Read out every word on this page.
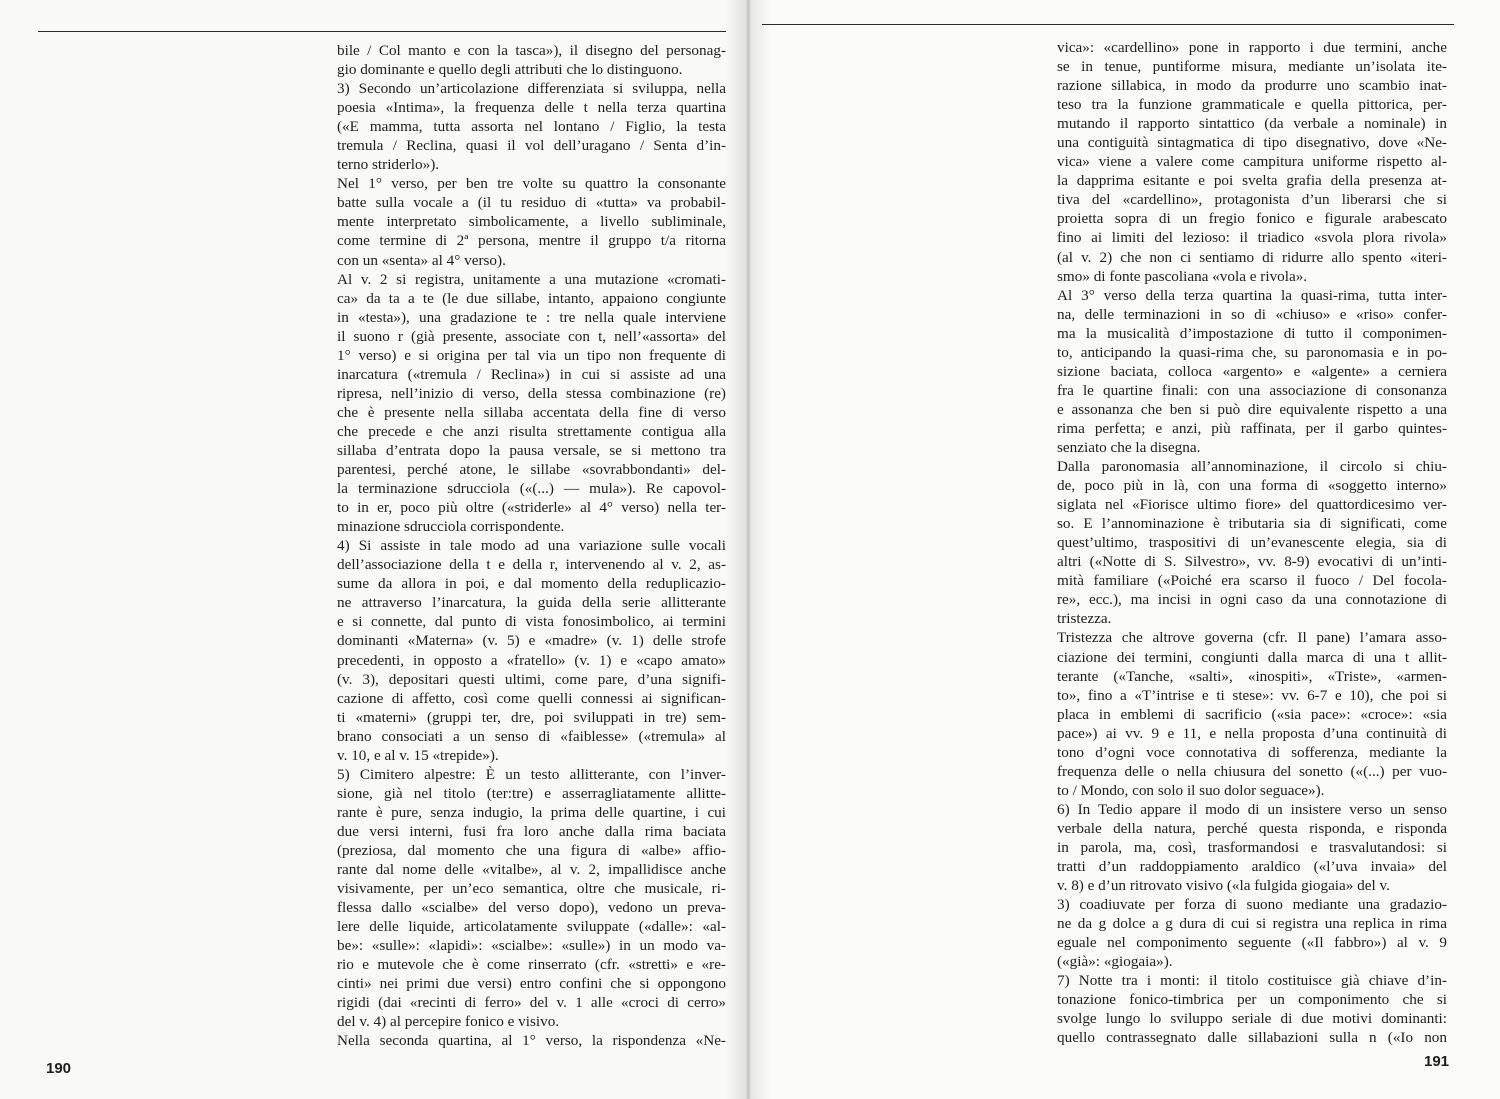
bile / Col manto e con la tasca»), il disegno del personag-
gio dominante e quello degli attributi che lo distinguono.
3) Secondo un’articolazione differenziata si sviluppa, nella
poesia «Intima», la frequenza delle t nella terza quartina
(«E mamma, tutta assorta nel lontano / Figlio, la testa
tremula / Reclina, quasi il vol dell’uragano / Senta d’in-
terno striderlo»).
Nel 1° verso, per ben tre volte su quattro la consonante
batte sulla vocale a (il tu residuo di «tutta» va probabil-
mente interpretato simbolicamente, a livello subliminale,
come termine di 2ª persona, mentre il gruppo t/a ritorna
con un «senta» al 4° verso).
Al v. 2 si registra, unitamente a una mutazione «cromati-
ca» da ta a te (le due sillabe, intanto, appaiono congiunte
in «testa»), una gradazione te : tre nella quale interviene
il suono r (già presente, associate con t, nell’«assorta» del
1° verso) e si origina per tal via un tipo non frequente di
inarcatura («tremula / Reclina») in cui si assiste ad una
ripresa, nell’inizio di verso, della stessa combinazione (re)
che è presente nella sillaba accentata della fine di verso
che precede e che anzi risulta strettamente contigua alla
sillaba d’entrata dopo la pausa versale, se si mettono tra
parentesi, perché atone, le sillabe «sovrabbondanti» del-
la terminazione sdrucciola («(...) — mula»). Re capovol-
to in er, poco più oltre («striderle» al 4° verso) nella ter-
minazione sdrucciola corrispondente.
4) Si assiste in tale modo ad una variazione sulle vocali
dell’associazione della t e della r, intervenendo al v. 2, as-
sume da allora in poi, e dal momento della reduplicazio-
ne attraverso l’inarcatura, la guida della serie allitterante
e si connette, dal punto di vista fonosimbolico, ai termini
dominanti «Materna» (v. 5) e «madre» (v. 1) delle strofe
precedenti, in opposto a «fratello» (v. 1) e «capo amato»
(v. 3), depositari questi ultimi, come pare, d’una signifi-
cazione di affetto, così come quelli connessi ai significan-
ti «materni» (gruppi ter, dre, poi sviluppati in tre) sem-
brano consociati a un senso di «faiblesse» («tremula» al
v. 10, e al v. 15 «trepide»).
5) Cimitero alpestre: È un testo allitterante, con l’inver-
sione, già nel titolo (ter:tre) e asserragliatamente allitte-
rante è pure, senza indugio, la prima delle quartine, i cui
due versi interni, fusi fra loro anche dalla rima baciata
(preziosa, dal momento che una figura di «albe» affio-
rante dal nome delle «vitalbe», al v. 2, impallidisce anche
visivamente, per un’eco semantica, oltre che musicale, ri-
flessa dallo «scialbe» del verso dopo), vedono un preva-
lere delle liquide, articolatamente sviluppate («dalle»: «al-
be»: «sulle»: «lapidi»: «scialbe»: «sulle») in un modo va-
rio e mutevole che è come rinserrato (cfr. «stretti» e «re-
cinti» nei primi due versi) entro confini che si oppongono
rigidi (dai «recinti di ferro» del v. 1 alle «croci di cerro»
del v. 4) al percepire fonico e visivo.
Nella seconda quartina, al 1° verso, la rispondenza «Ne-
190
vica»: «cardellino» pone in rapporto i due termini, anche
se in tenue, puntiforme misura, mediante un’isolata ite-
razione sillabica, in modo da produrre uno scambio inat-
teso tra la funzione grammaticale e quella pittorica, per-
mutando il rapporto sintattico (da verbale a nominale) in
una contiguità sintagmatica di tipo disegnativo, dove «Ne-
vica» viene a valere come campitura uniforme rispetto al-
la dapprima esitante e poi svelta grafia della presenza at-
tiva del «cardellino», protagonista d’un liberarsi che si
proietta sopra di un fregio fonico e figurale arabescato
fino ai limiti del lezioso: il triadico «svola plora rivola»
(al v. 2) che non ci sentiamo di ridurre allo spento «iteri-
smo» di fonte pascoliana «vola e rivola».
Al 3° verso della terza quartina la quasi-rima, tutta inter-
na, delle terminazioni in so di «chiuso» e «riso» confer-
ma la musicalità d’impostazione di tutto il componimen-
to, anticipando la quasi-rima che, su paronomasia e in po-
sizione baciata, colloca «argento» e «algente» a cerniera
fra le quartine finali: con una associazione di consonanza
e assonanza che ben si può dire equivalente rispetto a una
rima perfetta; e anzi, più raffinata, per il garbo quintes-
senziato che la disegna.
Dalla paronomasia all’annominazione, il circolo si chiu-
de, poco più in là, con una forma di «soggetto interno»
siglata nel «Fiorisce ultimo fiore» del quattordicesimo ver-
so. E l’annominazione è tributaria sia di significati, come
quest’ultimo, traspositivi di un’evanescente elegia, sia di
altri («Notte di S. Silvestro», vv. 8-9) evocativi di un’inti-
mità familiare («Poiché era scarso il fuoco / Del focola-
re», ecc.), ma incisi in ogni caso da una connotazione di
tristezza.
Tristezza che altrove governa (cfr. Il pane) l’amara asso-
ciazione dei termini, congiunti dalla marca di una t allit-
terante («Tanche, «salti», «inospiti», «Triste», «armen-
to», fino a «T’intrise e ti stese»: vv. 6-7 e 10), che poi si
placa in emblemi di sacrificio («sia pace»: «croce»: «sia
pace») ai vv. 9 e 11, e nella proposta d’una continuità di
tono d’ogni voce connotativa di sofferenza, mediante la
frequenza delle o nella chiusura del sonetto («(...) per vuo-
to / Mondo, con solo il suo dolor seguace»).
6) In Tedio appare il modo di un insistere verso un senso
verbale della natura, perché questa risponda, e risponda
in parola, ma, così, trasformandosi e trasvalutandosi: si
tratti d’un raddoppiamento araldico («l’uva invaia» del
v. 8) e d’un ritrovato visivo («la fulgida giogaia» del v.
3) coadiuvate per forza di suono mediante una gradazio-
ne da g dolce a g dura di cui si registra una replica in rima
eguale nel componimento seguente («Il fabbro») al v. 9
(«già»: «giogaia»).
7) Notte tra i monti: il titolo costituisce già chiave d’in-
tonazione fonico-timbrica per un componimento che si
svolge lungo lo sviluppo seriale di due motivi dominanti:
quello contrassegnato dalle sillabazioni sulla n («Io non
191
